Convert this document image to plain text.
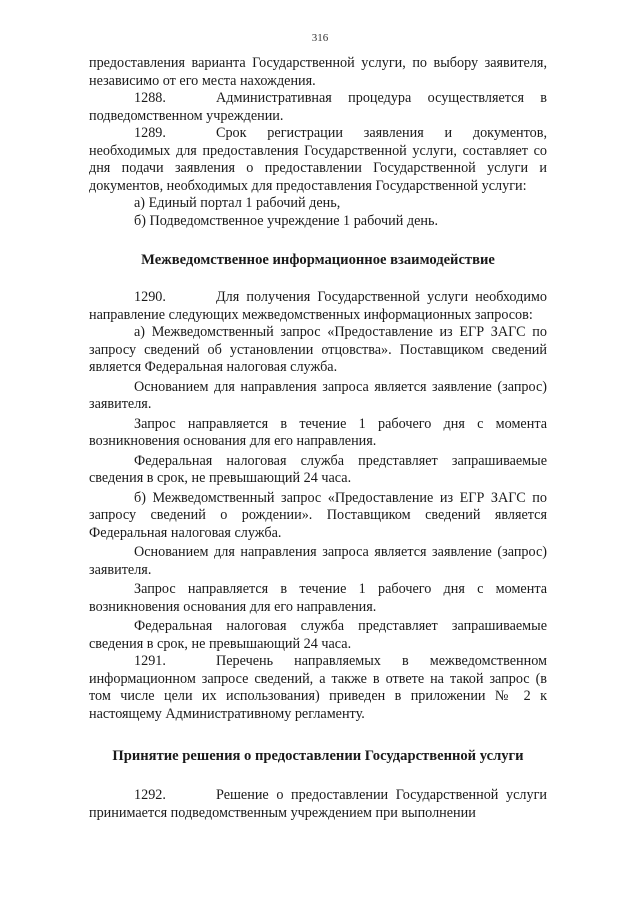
316

предоставления варианта Государственной услуги, по выбору заявителя, независимо от его места нахождения.

1288.	Административная процедура осуществляется в подведомственном учреждении.

1289.	Срок регистрации заявления и документов, необходимых для предоставления Государственной услуги, составляет со дня подачи заявления о предоставлении Государственной услуги и документов, необходимых для предоставления Государственной услуги:

а) Единый портал 1 рабочий день,

б) Подведомственное учреждение 1 рабочий день.

Межведомственное информационное взаимодействие

1290.	Для получения Государственной услуги необходимо направление следующих межведомственных информационных запросов:

а) Межведомственный запрос «Предоставление из ЕГР ЗАГС по запросу сведений об установлении отцовства». Поставщиком сведений является Федеральная налоговая служба.

Основанием для направления запроса является заявление (запрос) заявителя.

Запрос направляется в течение 1 рабочего дня с момента возникновения основания для его направления.

Федеральная налоговая служба представляет запрашиваемые сведения в срок, не превышающий 24 часа.

б) Межведомственный запрос «Предоставление из ЕГР ЗАГС по запросу сведений о рождении». Поставщиком сведений является Федеральная налоговая служба.

Основанием для направления запроса является заявление (запрос) заявителя.

Запрос направляется в течение 1 рабочего дня с момента возникновения основания для его направления.

Федеральная налоговая служба представляет запрашиваемые сведения в срок, не превышающий 24 часа.

1291.	Перечень направляемых в межведомственном информационном запросе сведений, а также в ответе на такой запрос (в том числе цели их использования) приведен в приложении № 2 к настоящему Административному регламенту.

Принятие решения о предоставлении Государственной услуги

1292.	Решение о предоставлении Государственной услуги принимается подведомственным учреждением при выполнении
